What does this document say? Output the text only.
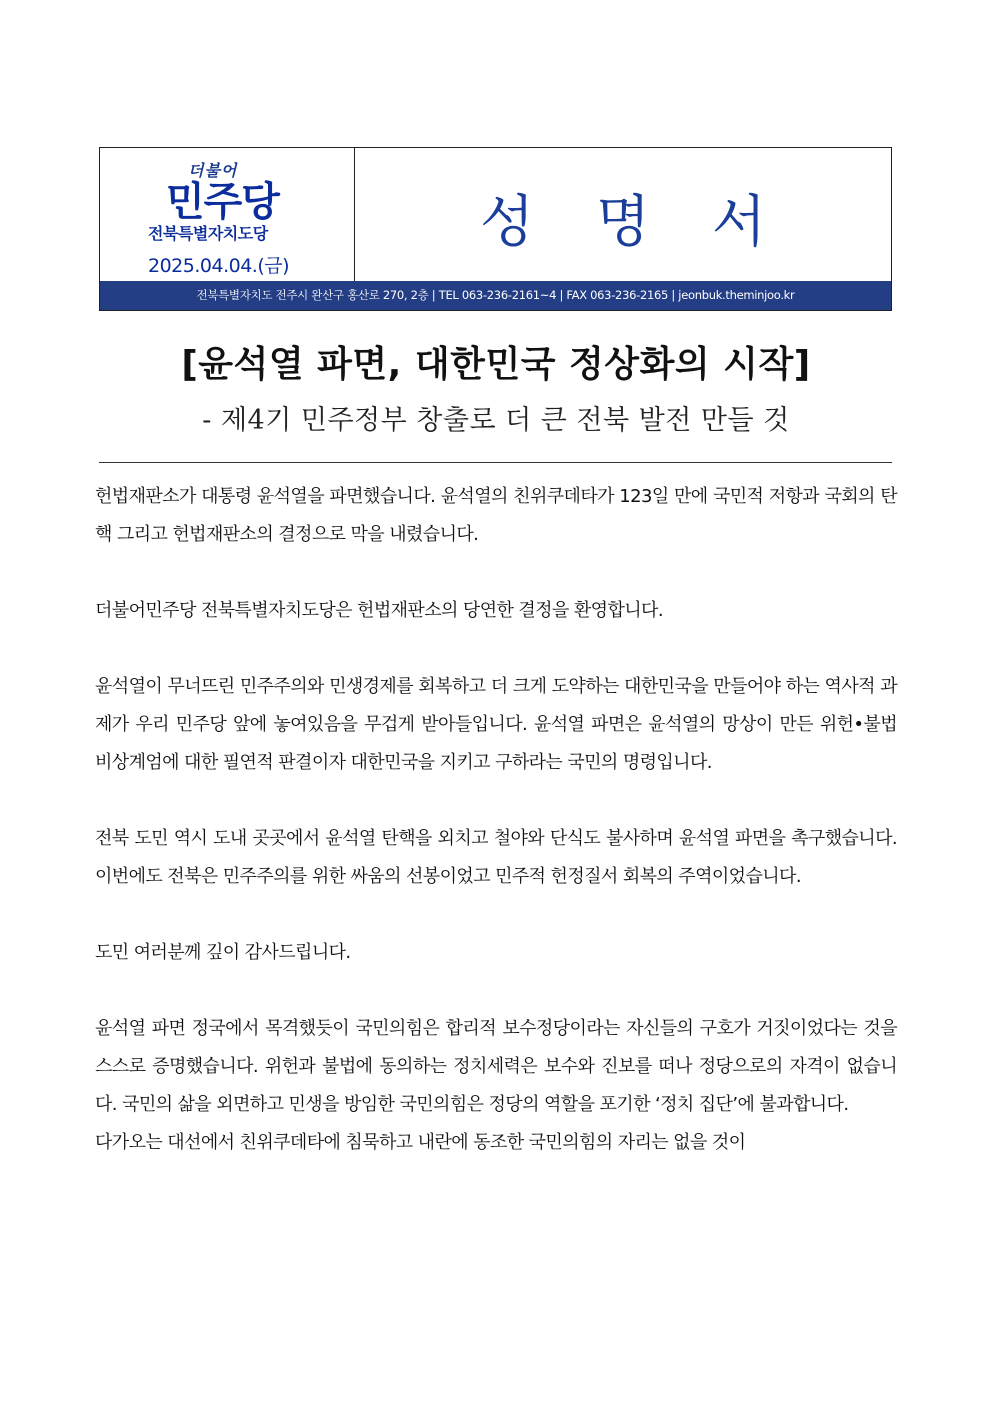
더불어
민주당
전북특별자치도당
2025.04.04.(금)
성 명 서
전북특별자치도 전주시 완산구 홍산로 270, 2층 | TEL 063-236-2161~4 | FAX 063-236-2165 | jeonbuk.theminjoo.kr
[윤석열 파면, 대한민국 정상화의 시작]
- 제4기 민주정부 창출로 더 큰 전북 발전 만들 것

헌법재판소가 대통령 윤석열을 파면했습니다. 윤석열의 친위쿠데타가 123일 만에 국민적 저항과 국회의 탄핵 그리고 헌법재판소의 결정으로 막을 내렸습니다.

더불어민주당 전북특별자치도당은 헌법재판소의 당연한 결정을 환영합니다.

윤석열이 무너뜨린 민주주의와 민생경제를 회복하고 더 크게 도약하는 대한민국을 만들어야 하는 역사적 과제가 우리 민주당 앞에 놓여있음을 무겁게 받아들입니다. 윤석열 파면은 윤석열의 망상이 만든 위헌•불법 비상계엄에 대한 필연적 판결이자 대한민국을 지키고 구하라는 국민의 명령입니다.

전북 도민 역시 도내 곳곳에서 윤석열 탄핵을 외치고 철야와 단식도 불사하며 윤석열 파면을 촉구했습니다. 이번에도 전북은 민주주의를 위한 싸움의 선봉이었고 민주적 헌정질서 회복의 주역이었습니다.

도민 여러분께 깊이 감사드립니다.

윤석열 파면 정국에서 목격했듯이 국민의힘은 합리적 보수정당이라는 자신들의 구호가 거짓이었다는 것을 스스로 증명했습니다. 위헌과 불법에 동의하는 정치세력은 보수와 진보를 떠나 정당으로의 자격이 없습니다. 국민의 삶을 외면하고 민생을 방임한 국민의힘은 정당의 역할을 포기한 ‘정치 집단’에 불과합니다.

다가오는 대선에서 친위쿠데타에 침묵하고 내란에 동조한 국민의힘의 자리는 없을 것이
